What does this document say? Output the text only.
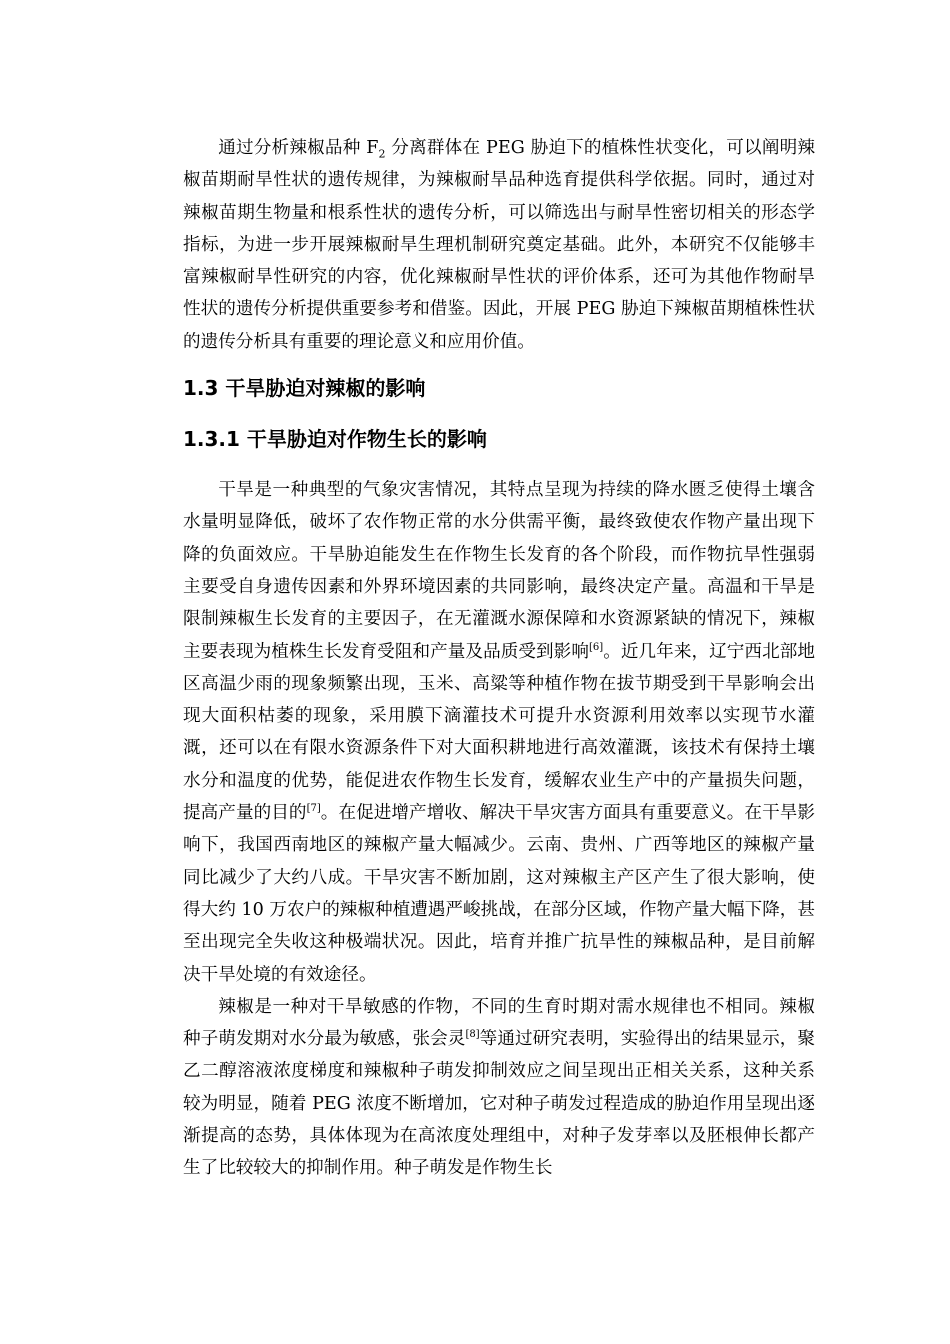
通过分析辣椒品种 $F_2$ 分离群体在 PEG 胁迫下的植株性状变化，可以阐明辣椒苗期耐旱性状的遗传规律，为辣椒耐旱品种选育提供科学依据。同时，通过对辣椒苗期生物量和根系性状的遗传分析，可以筛选出与耐旱性密切相关的形态学指标，为进一步开展辣椒耐旱生理机制研究奠定基础。此外，本研究不仅能够丰富辣椒耐旱性研究的内容，优化辣椒耐旱性状的评价体系，还可为其他作物耐旱性状的遗传分析提供重要参考和借鉴。因此，开展 PEG 胁迫下辣椒苗期植株性状的遗传分析具有重要的理论意义和应用价值。

1.3 干旱胁迫对辣椒的影响
1.3.1 干旱胁迫对作物生长的影响

干旱是一种典型的气象灾害情况，其特点呈现为持续的降水匮乏使得土壤含水量明显降低，破坏了农作物正常的水分供需平衡，最终致使农作物产量出现下降的负面效应。干旱胁迫能发生在作物生长发育的各个阶段，而作物抗旱性强弱主要受自身遗传因素和外界环境因素的共同影响，最终决定产量。高温和干旱是限制辣椒生长发育的主要因子，在无灌溉水源保障和水资源紧缺的情况下，辣椒主要表现为植株生长发育受阻和产量及品质受到影响[6]。近几年来，辽宁西北部地区高温少雨的现象频繁出现，玉米、高粱等种植作物在拔节期受到干旱影响会出现大面积枯萎的现象，采用膜下滴灌技术可提升水资源利用效率以实现节水灌溉，还可以在有限水资源条件下对大面积耕地进行高效灌溉，该技术有保持土壤水分和温度的优势，能促进农作物生长发育，缓解农业生产中的产量损失问题，提高产量的目的[7]。在促进增产增收、解决干旱灾害方面具有重要意义。在干旱影响下，我国西南地区的辣椒产量大幅减少。云南、贵州、广西等地区的辣椒产量同比减少了大约八成。干旱灾害不断加剧，这对辣椒主产区产生了很大影响，使得大约 10 万农户的辣椒种植遭遇严峻挑战，在部分区域，作物产量大幅下降，甚至出现完全失收这种极端状况。因此，培育并推广抗旱性的辣椒品种，是目前解决干旱处境的有效途径。

辣椒是一种对干旱敏感的作物，不同的生育时期对需水规律也不相同。辣椒种子萌发期对水分最为敏感，张会灵[8]等通过研究表明，实验得出的结果显示，聚乙二醇溶液浓度梯度和辣椒种子萌发抑制效应之间呈现出正相关关系，这种关系较为明显，随着 PEG 浓度不断增加，它对种子萌发过程造成的胁迫作用呈现出逐渐提高的态势，具体体现为在高浓度处理组中，对种子发芽率以及胚根伸长都产生了比较较大的抑制作用。种子萌发是作物生长
